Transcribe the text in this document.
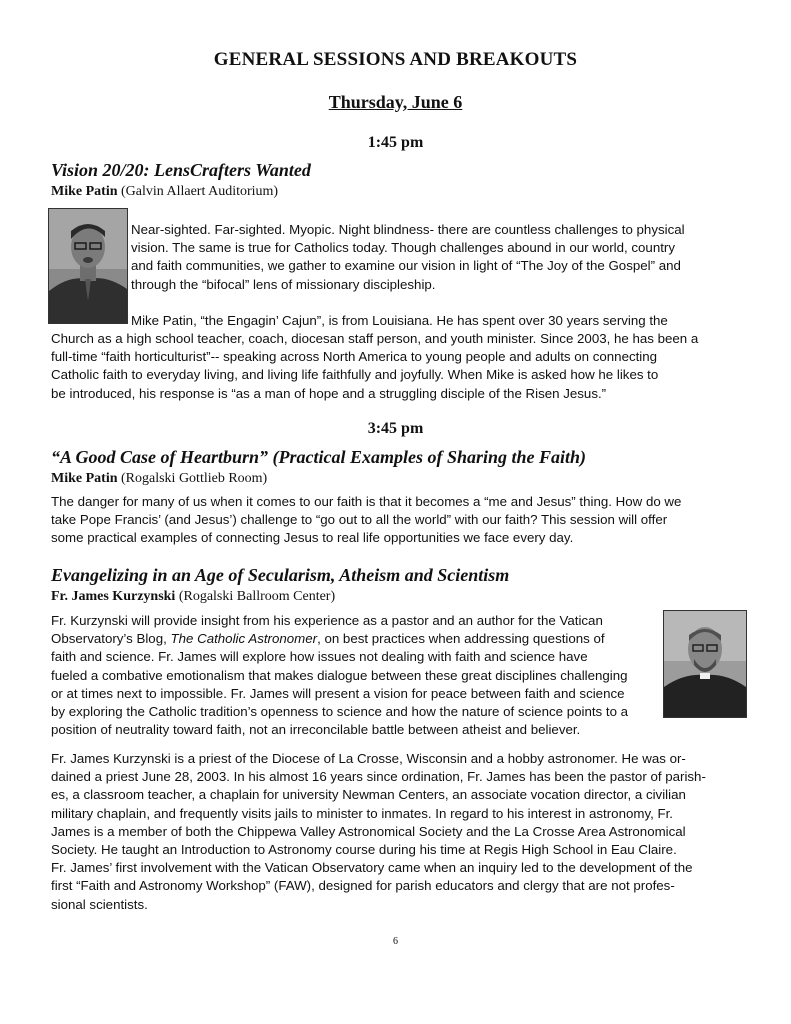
GENERAL SESSIONS AND BREAKOUTS
Thursday, June 6
1:45 pm
Vision 20/20: LensCrafters Wanted
Mike Patin (Galvin Allaert Auditorium)
Near-sighted. Far-sighted. Myopic. Night blindness- there are countless challenges to physical
vision. The same is true for Catholics today. Though challenges abound in our world, country
and faith communities, we gather to examine our vision in light of “The Joy of the Gospel” and
through the “bifocal” lens of missionary discipleship.
Mike Patin, “the Engagin’ Cajun”, is from Louisiana. He has spent over 30 years serving the
Church as a high school teacher, coach, diocesan staff person, and youth minister. Since 2003, he has been a
full-time “faith horticulturist”-- speaking across North America to young people and adults on connecting
Catholic faith to everyday living, and living life faithfully and joyfully. When Mike is asked how he likes to
be introduced, his response is “as a man of hope and a struggling disciple of the Risen Jesus.”
3:45 pm
“A Good Case of Heartburn” (Practical Examples of Sharing the Faith)
Mike Patin (Rogalski Gottlieb Room)
The danger for many of us when it comes to our faith is that it becomes a “me and Jesus” thing. How do we
take Pope Francis’ (and Jesus’) challenge to “go out to all the world” with our faith? This session will offer
some practical examples of connecting Jesus to real life opportunities we face every day.
Evangelizing in an Age of Secularism, Atheism and Scientism
Fr. James Kurzynski (Rogalski Ballroom Center)
Fr. Kurzynski will provide insight from his experience as a pastor and an author for the Vatican
Observatory’s Blog, The Catholic Astronomer, on best practices when addressing questions of
faith and science. Fr. James will explore how issues not dealing with faith and science have
fueled a combative emotionalism that makes dialogue between these great disciplines challenging
or at times next to impossible. Fr. James will present a vision for peace between faith and science
by exploring the Catholic tradition’s openness to science and how the nature of science points to a
position of neutrality toward faith, not an irreconcilable battle between atheist and believer.
Fr. James Kurzynski is a priest of the Diocese of La Crosse, Wisconsin and a hobby astronomer. He was or-
dained a priest June 28, 2003. In his almost 16 years since ordination, Fr. James has been the pastor of parish-
es, a classroom teacher, a chaplain for university Newman Centers, an associate vocation director, a civilian
military chaplain, and frequently visits jails to minister to inmates. In regard to his interest in astronomy, Fr.
James is a member of both the Chippewa Valley Astronomical Society and the La Crosse Area Astronomical
Society. He taught an Introduction to Astronomy course during his time at Regis High School in Eau Claire.
Fr. James’ first involvement with the Vatican Observatory came when an inquiry led to the development of the
first “Faith and Astronomy Workshop” (FAW), designed for parish educators and clergy that are not profes-
sional scientists.
6
